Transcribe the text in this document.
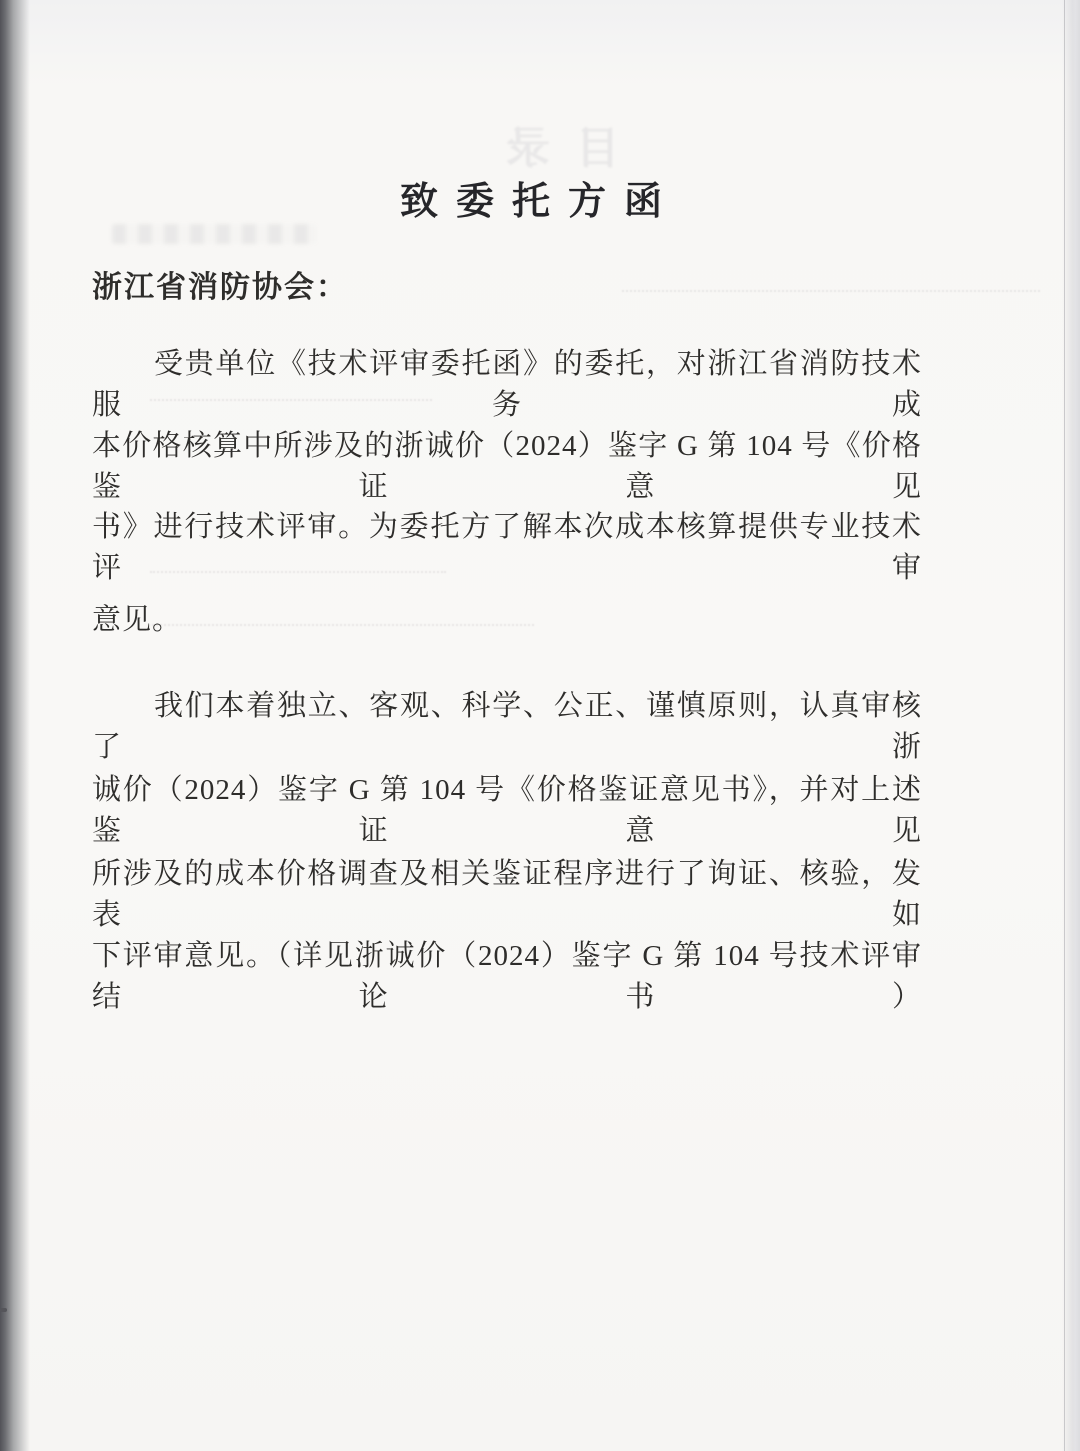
目录
致委托方函
浙江省消防协会：
受贵单位《技术评审委托函》的委托，对浙江省消防技术服务成
本价格核算中所涉及的浙诚价（2024）鉴字 G 第 104 号《价格鉴证意见
书》进行技术评审。为委托方了解本次成本核算提供专业技术评审
意见。
我们本着独立、客观、科学、公正、谨慎原则，认真审核了浙
诚价（2024）鉴字 G 第 104 号《价格鉴证意见书》，并对上述鉴证意见
所涉及的成本价格调查及相关鉴证程序进行了询证、核验，发表如
下评审意见。（详见浙诚价（2024）鉴字 G 第 104 号技术评审结论书）
